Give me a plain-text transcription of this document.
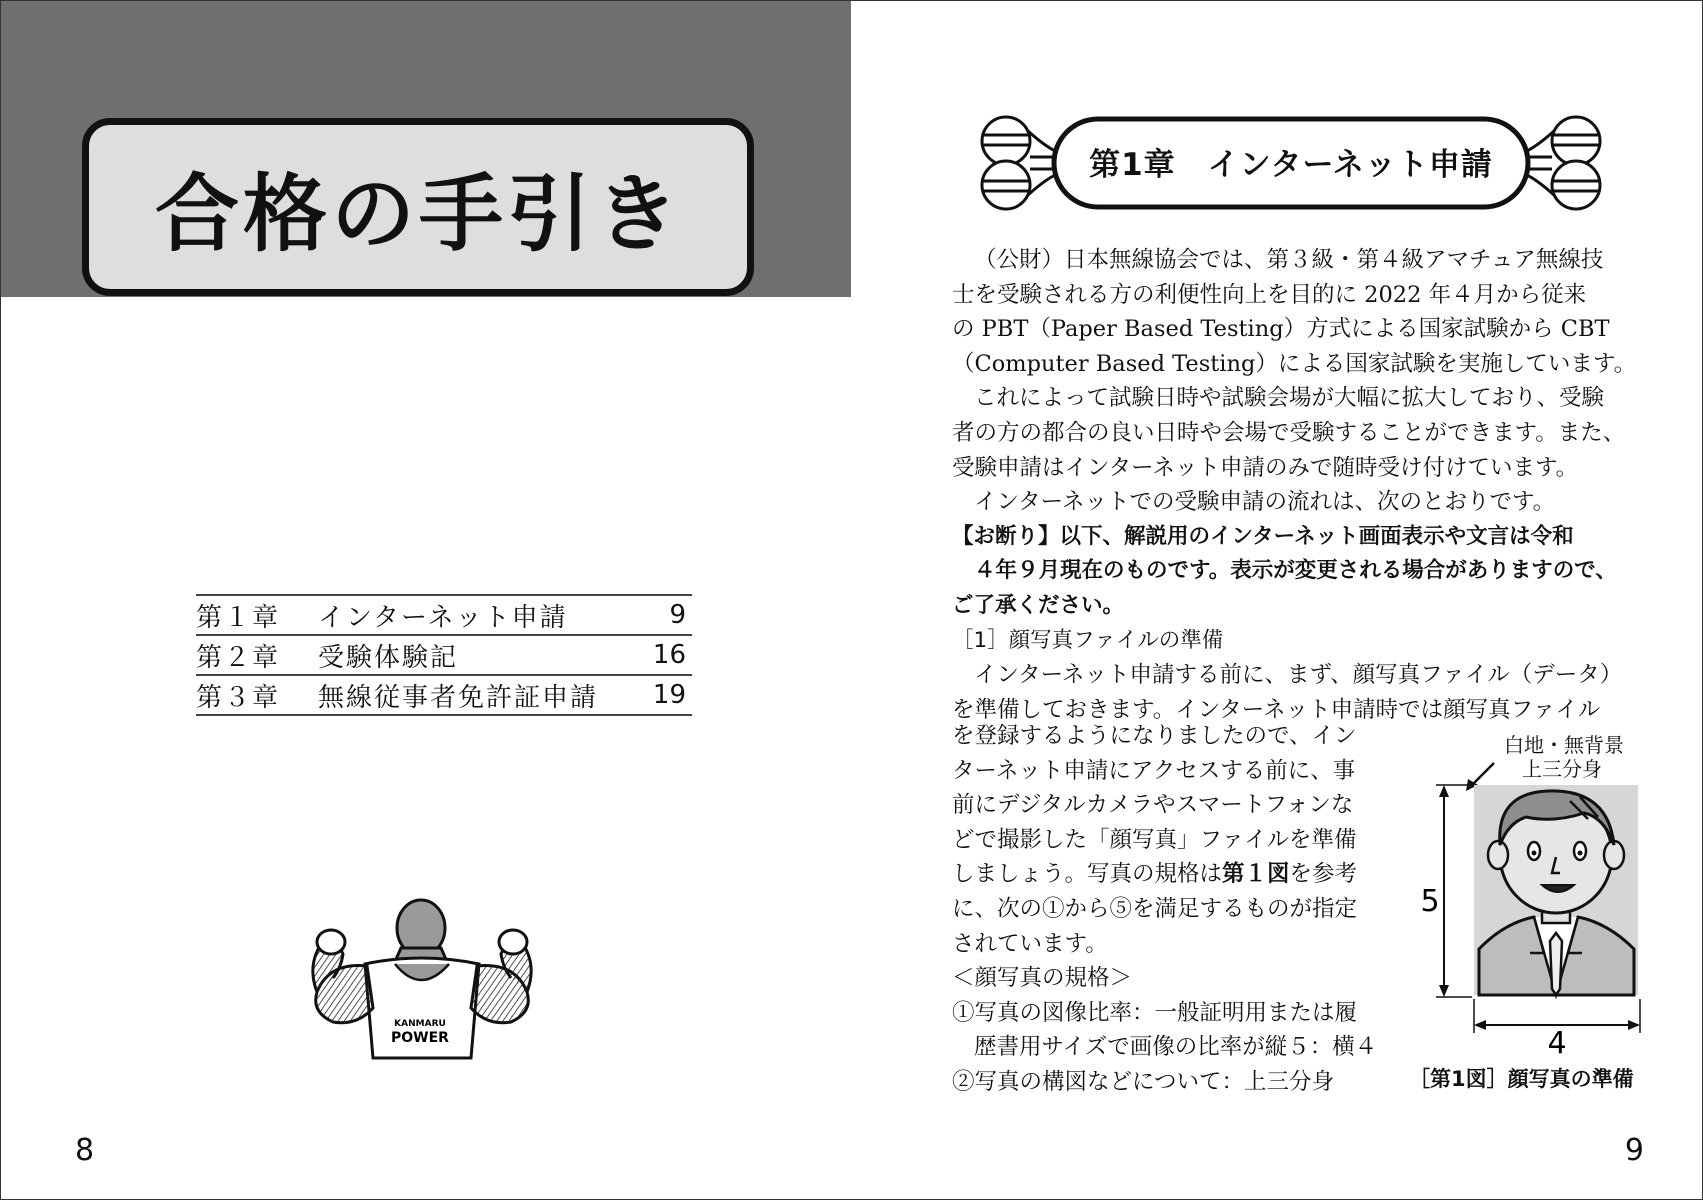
合格の手引き
第１章	インターネット申請	9
第２章	受験体験記	16
第３章	無線従事者免許証申請	19
KANMARU
POWER
8
第1章　インターネット申請

（公財）日本無線協会では、第３級・第４級アマチュア無線技

士を受験される方の利便性向上を目的に 2022 年４月から従来

の PBT（Paper Based Testing）方式による国家試験から CBT

（Computer Based Testing）による国家試験を実施しています。

これによって試験日時や試験会場が大幅に拡大しており、受験

者の方の都合の良い日時や会場で受験することができます。また、

受験申請はインターネット申請のみで随時受け付けています。

インターネットでの受験申請の流れは、次のとおりです。

【お断り】以下、解説用のインターネット画面表示や文言は令和

４年９月現在のものです。表示が変更される場合がありますので、

ご了承ください。

［1］顔写真ファイルの準備

インターネット申請する前に、まず、顔写真ファイル（データ）

を準備しておきます。インターネット申請時では顔写真ファイル

を登録するようになりましたので、イン

ターネット申請にアクセスする前に、事

前にデジタルカメラやスマートフォンな

どで撮影した「顔写真」ファイルを準備

しましょう。写真の規格は第１図を参考

に、次の①から⑤を満足するものが指定

されています。

＜顔写真の規格＞

①写真の図像比率：一般証明用または履

歴書用サイズで画像の比率が縦５：横４

②写真の構図などについて：上三分身

白地・無背景
上三分身
5
4
［第1図］顔写真の準備
9
